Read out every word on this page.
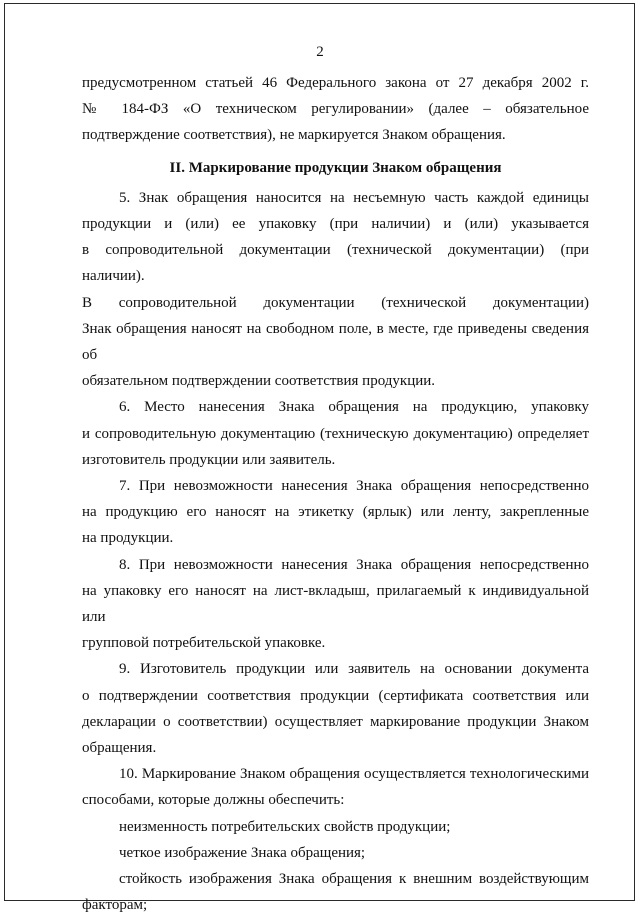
2

предусмотренном статьей 46 Федерального закона от 27 декабря 2002 г.

№ 184-ФЗ «О техническом регулировании» (далее – обязательное

подтверждение соответствия), не маркируется Знаком обращения.

II. Маркирование продукции Знаком обращения

5. Знак обращения наносится на несъемную часть каждой единицы

продукции и (или) ее упаковку (при наличии) и (или) указывается

в сопроводительной документации (технической документации) (при наличии).

В сопроводительной документации (технической документации)

Знак обращения наносят на свободном поле, в месте, где приведены сведения об

обязательном подтверждении соответствия продукции.

6. Место нанесения Знака обращения на продукцию, упаковку

и сопроводительную документацию (техническую документацию) определяет

изготовитель продукции или заявитель.

7. При невозможности нанесения Знака обращения непосредственно

на продукцию его наносят на этикетку (ярлык) или ленту, закрепленные

на продукции.

8. При невозможности нанесения Знака обращения непосредственно

на упаковку его наносят на лист-вкладыш, прилагаемый к индивидуальной или

групповой потребительской упаковке.

9. Изготовитель продукции или заявитель на основании документа

о подтверждении соответствия продукции (сертификата соответствия или

декларации о соответствии) осуществляет маркирование продукции Знаком

обращения.

10. Маркирование Знаком обращения осуществляется технологическими

способами, которые должны обеспечить:

неизменность потребительских свойств продукции;

четкое изображение Знака обращения;

стойкость изображения Знака обращения к внешним воздействующим

факторам;
